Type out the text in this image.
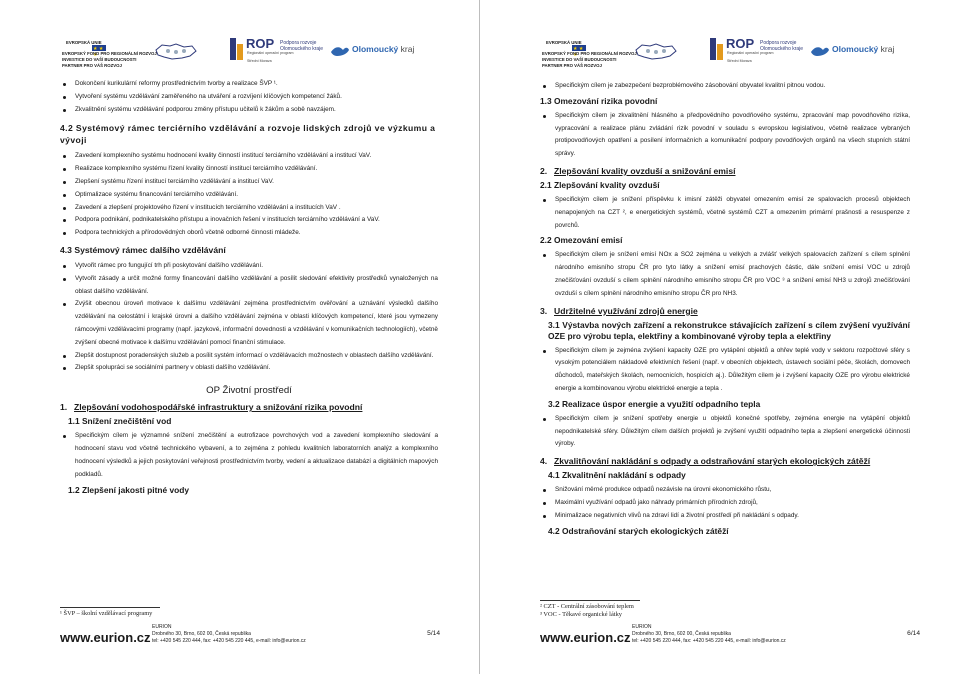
EVROPSKÁ UNIE
★ ★ ★
EVROPSKÝ FOND PRO REGIONÁLNÍ ROZVOJ
INVESTICE DO VAŠÍ BUDOUCNOSTI
PARTNER PRO VÁŠ ROZVOJ
ROP
Regionální operační program
Podpora rozvoje
Olomouckého kraje
Střední Morava
Olomoucký kraj
Dokončení kurikulární reformy prostřednictvím tvorby a realizace ŠVP ¹.
Vytvoření systému vzdělávání zaměřeného na utváření a rozvíjení klíčových kompetencí žáků.
Zkvalitnění systému vzdělávání podporou změny přístupu učitelů k žákům a sobě navzájem.
4.2 Systémový rámec terciérního vzdělávání a rozvoje lidských zdrojů ve výzkumu a vývoji
Zavedení komplexního systému hodnocení kvality činností institucí terciárního vzdělávání a institucí VaV.
Realizace komplexního systému řízení kvality činností institucí terciárního vzdělávání.
Zlepšení systému řízení institucí terciárního vzdělávání a institucí VaV.
Optimalizace systému financování terciárního vzdělávání.
Zavedení a zlepšení projektového řízení v institucích terciárního vzdělávání a institucích VaV .
Podpora podnikání, podnikatelského přístupu a inovačních řešení v institucích terciárního vzdělávání a VaV.
Podpora technických a přírodovědných oborů včetně odborné činnosti mládeže.
4.3 Systémový rámec dalšího vzdělávání
Vytvořit rámec pro fungující trh při poskytování dalšího vzdělávání.
Vytvořit zásady a určit možné formy financování dalšího vzdělávání a posílit sledování efektivity prostředků vynaložených na oblast dalšího vzdělávání.
Zvýšit obecnou úroveň motivace k dalšímu vzdělávání zejména prostřednictvím ověřování a uznávání výsledků dalšího vzdělávání na celostátní i krajské úrovni a dalšího vzdělávání zejména v oblasti klíčových kompetencí, které jsou vymezeny rámcovými vzdělávacími programy (např. jazykové, informační dovednosti a vzdělávání v komunikačních technologiích), včetně zvýšení obecné motivace k dalšímu vzdělávání pomocí finanční stimulace.
Zlepšit dostupnost poradenských služeb a posílit systém informací o vzdělávacích možnostech v oblastech dalšího vzdělávání.
Zlepšit spolupráci se sociálními partnery v oblasti dalšího vzdělávání.
OP Životní prostředí
1. Zlepšování vodohospodářské infrastruktury a snižování rizika povodní
1.1 Snížení znečištění vod
Specifickým cílem je významné snížení znečištění a eutrofizace povrchových vod a zavedení komplexního sledování a hodnocení stavu vod včetně technického vybavení, a to zejména z pohledu kvalitních laboratorních analýz a komplexního hodnocení výsledků a jejich poskytování veřejnosti prostřednictvím tvorby, vedení a aktualizace databází a digitálních mapových podkladů.
1.2 Zlepšení jakosti pitné vody
¹ ŠVP – školní vzdělávací programy
www.eurion.cz
EURION
Drobného 30, Brno, 602 00, Česká republika
tel: +420 545 220 444, fax: +420 545 220 445, e-mail: info@eurion.cz
5/14
EVROPSKÁ UNIE
★ ★ ★
EVROPSKÝ FOND PRO REGIONÁLNÍ ROZVOJ
INVESTICE DO VAŠÍ BUDOUCNOSTI
PARTNER PRO VÁŠ ROZVOJ
ROP
Regionální operační program
Podpora rozvoje
Olomouckého kraje
Střední Morava
Olomoucký kraj
Specifickým cílem je zabezpečení bezproblémového zásobování obyvatel kvalitní pitnou vodou.
1.3 Omezování rizika povodní
Specifickým cílem je zkvalitnění hlásného a předpovědního povodňového systému, zpracování map povodňového rizika, vypracování a realizace plánu zvládání rizik povodní v souladu s evropskou legislativou, včetně realizace vybraných protipovodňových opatření a posílení informačních a komunikační podpory povodňových orgánů na všech stupních státní správy.
2. Zlepšování kvality ovzduší a snižování emisí
2.1 Zlepšování kvality ovzduší
Specifickým cílem je snížení příspěvku k imisní zátěži obyvatel omezením emisí ze spalovacích procesů objektech nenapojených na CZT ², e energetických systémů, včetně systémů CZT a omezením primární prašnosti a resuspenze z povrchů.
2.2 Omezování emisí
Specifickým cílem je snížení emisí NOx a SO2 zejména u velkých a zvlášť velkých spalovacích zařízení s cílem splnění národního emisního stropu ČR pro tyto látky a snížení emisí prachových částic, dále snížení emisí VOC u zdrojů znečišťování ovzduší s cílem splnění národního emisního stropu ČR pro VOC ³ a snížení emisí NH3 u zdrojů znečišťování ovzduší s cílem splnění národního emisního stropu ČR pro NH3.
3. Udržitelné využívání zdrojů energie
3.1 Výstavba nových zařízení a rekonstrukce stávajících zařízení s cílem zvýšení využívání OZE pro výrobu tepla, elektřiny a kombinované výroby tepla a elektřiny
Specifickým cílem je zejména zvýšení kapacity OZE pro vytápění objektů a ohřev teplé vody v sektoru rozpočtové sféry s vysokým potenciálem nákladově efektivních řešení (např. v obecních objektech, ústavech sociální péče, školách, domovech důchodců, mateřských školách, nemocnicích, hospicích aj.). Důležitým cílem je i zvýšení kapacity OZE pro výrobu elektrické energie a kombinovanou výrobu elektrické energie a tepla .
3.2 Realizace úspor energie a využití odpadního tepla
Specifickým cílem je snížení spotřeby energie u objektů konečné spotřeby, zejména energie na vytápění objektů nepodnikatelské sféry. Důležitým cílem dalších projektů je zvýšení využití odpadního tepla a zlepšení energetické účinnosti výroby.
4. Zkvalitňování nakládání s odpady a odstraňování starých ekologických zátěží
4.1 Zkvalitnění nakládání s odpady
Snižování měrné produkce odpadů nezávisle na úrovni ekonomického růstu,
Maximální využívání odpadů jako náhrady primárních přírodních zdrojů,
Minimalizace negativních vlivů na zdraví lidí a životní prostředí při nakládání s odpady.
4.2 Odstraňování starých ekologických zátěží
² CZT - Centrální zásobování teplem
³ VOC - Těkavé organické látky
www.eurion.cz
EURION
Drobného 30, Brno, 602 00, Česká republika
tel: +420 545 220 444, fax: +420 545 220 445, e-mail: info@eurion.cz
6/14
